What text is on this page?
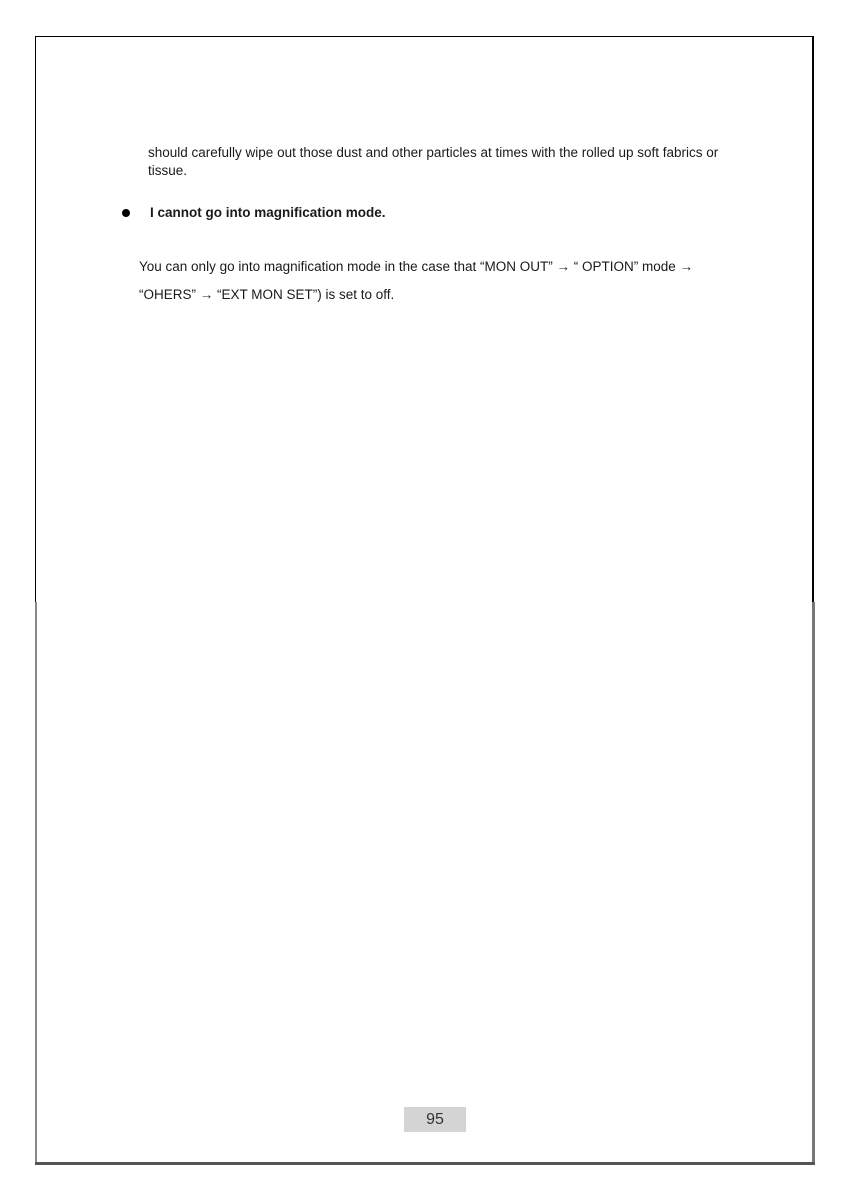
should carefully wipe out those dust and other particles at times with the rolled up soft fabrics or tissue.

I cannot go into magnification mode.

You can only go into magnification mode in the case that “MON OUT” → “ OPTION” mode → “OHERS” → “EXT MON SET”) is set to off.

95
